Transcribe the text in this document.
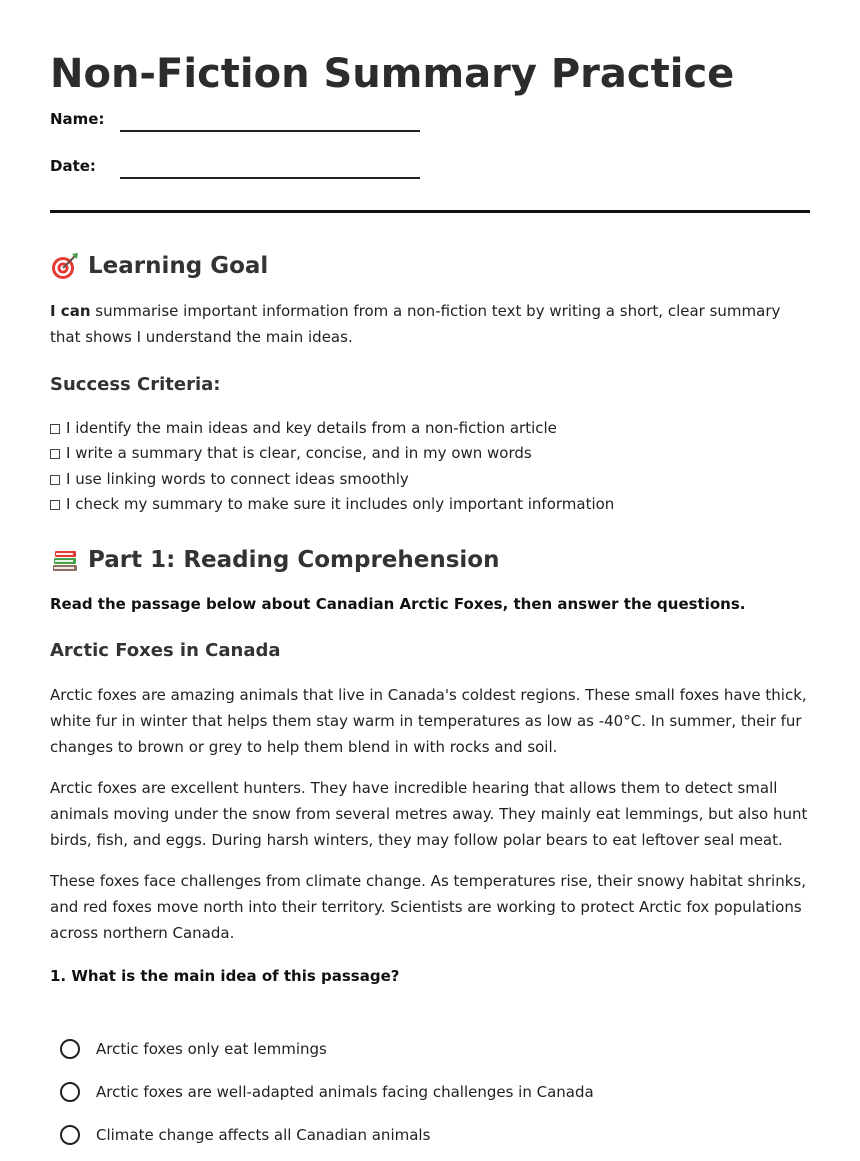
Non-Fiction Summary Practice
Name:
Date:
Learning Goal

I can summarise important information from a non-fiction text by writing a short, clear summary that shows I understand the main ideas.

Success Criteria:
I identify the main ideas and key details from a non-fiction article
I write a summary that is clear, concise, and in my own words
I use linking words to connect ideas smoothly
I check my summary to make sure it includes only important information
Part 1: Reading Comprehension

Read the passage below about Canadian Arctic Foxes, then answer the questions.

Arctic Foxes in Canada

Arctic foxes are amazing animals that live in Canada's coldest regions. These small foxes have thick, white fur in winter that helps them stay warm in temperatures as low as -40°C. In summer, their fur changes to brown or grey to help them blend in with rocks and soil.

Arctic foxes are excellent hunters. They have incredible hearing that allows them to detect small animals moving under the snow from several metres away. They mainly eat lemmings, but also hunt birds, fish, and eggs. During harsh winters, they may follow polar bears to eat leftover seal meat.

These foxes face challenges from climate change. As temperatures rise, their snowy habitat shrinks, and red foxes move north into their territory. Scientists are working to protect Arctic fox populations across northern Canada.

1. What is the main idea of this passage?

Arctic foxes only eat lemmings
Arctic foxes are well-adapted animals facing challenges in Canada
Climate change affects all Canadian animals
